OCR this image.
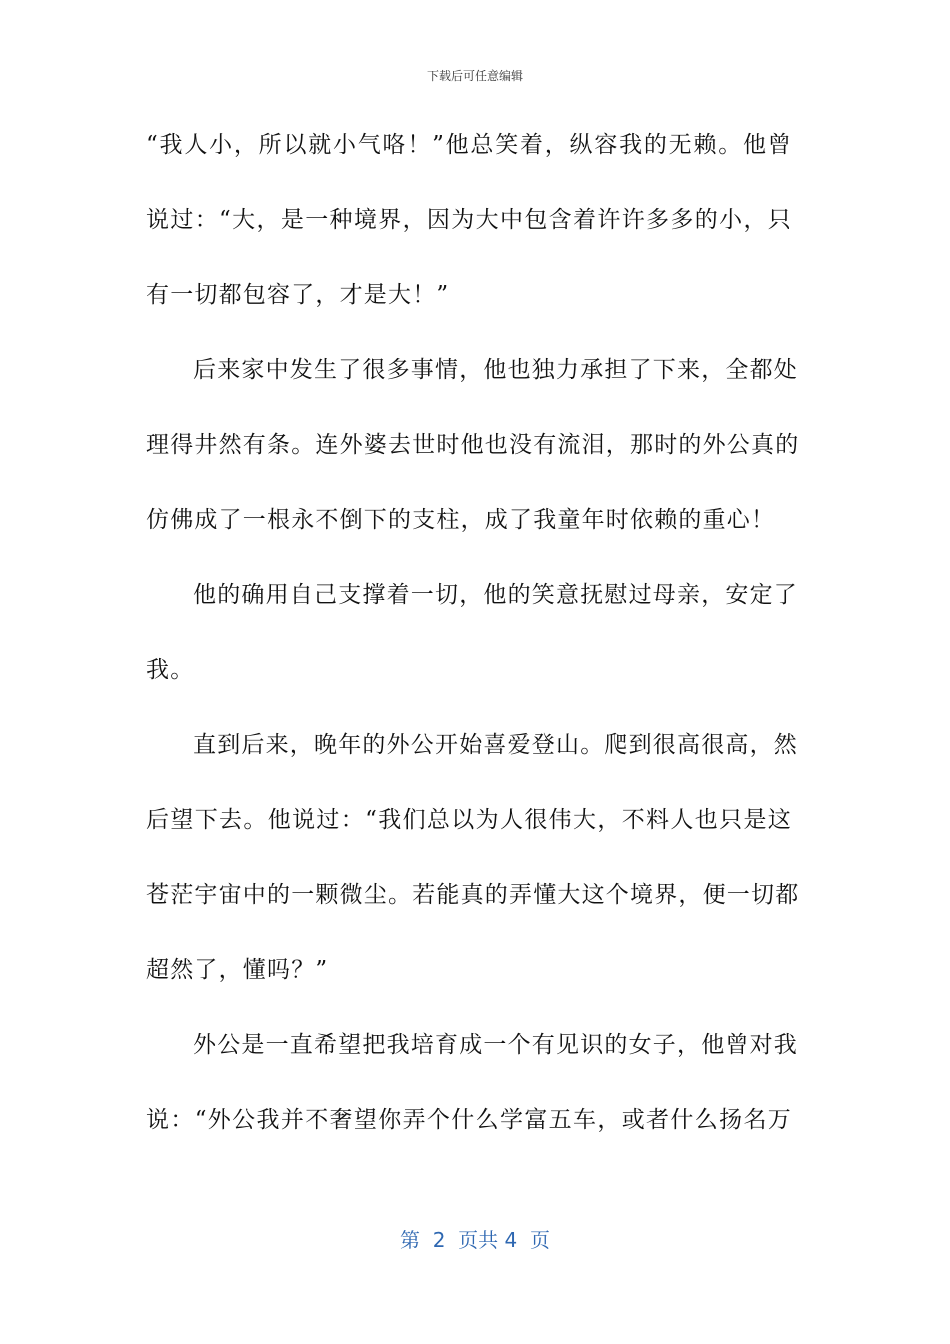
下载后可任意编辑
“我人小，所以就小气咯！”他总笑着，纵容我的无赖。他曾
说过：“大，是一种境界，因为大中包含着许许多多的小，只
有一切都包容了，才是大！”
后来家中发生了很多事情，他也独力承担了下来，全都处
理得井然有条。连外婆去世时他也没有流泪，那时的外公真的
仿佛成了一根永不倒下的支柱，成了我童年时依赖的重心！
他的确用自己支撑着一切，他的笑意抚慰过母亲，安定了
我。
直到后来，晚年的外公开始喜爱登山。爬到很高很高，然
后望下去。他说过：“我们总以为人很伟大，不料人也只是这
苍茫宇宙中的一颗微尘。若能真的弄懂大这个境界，便一切都
超然了，懂吗？”
外公是一直希望把我培育成一个有见识的女子，他曾对我
说：“外公我并不奢望你弄个什么学富五车，或者什么扬名万
第  2  页共 4  页
